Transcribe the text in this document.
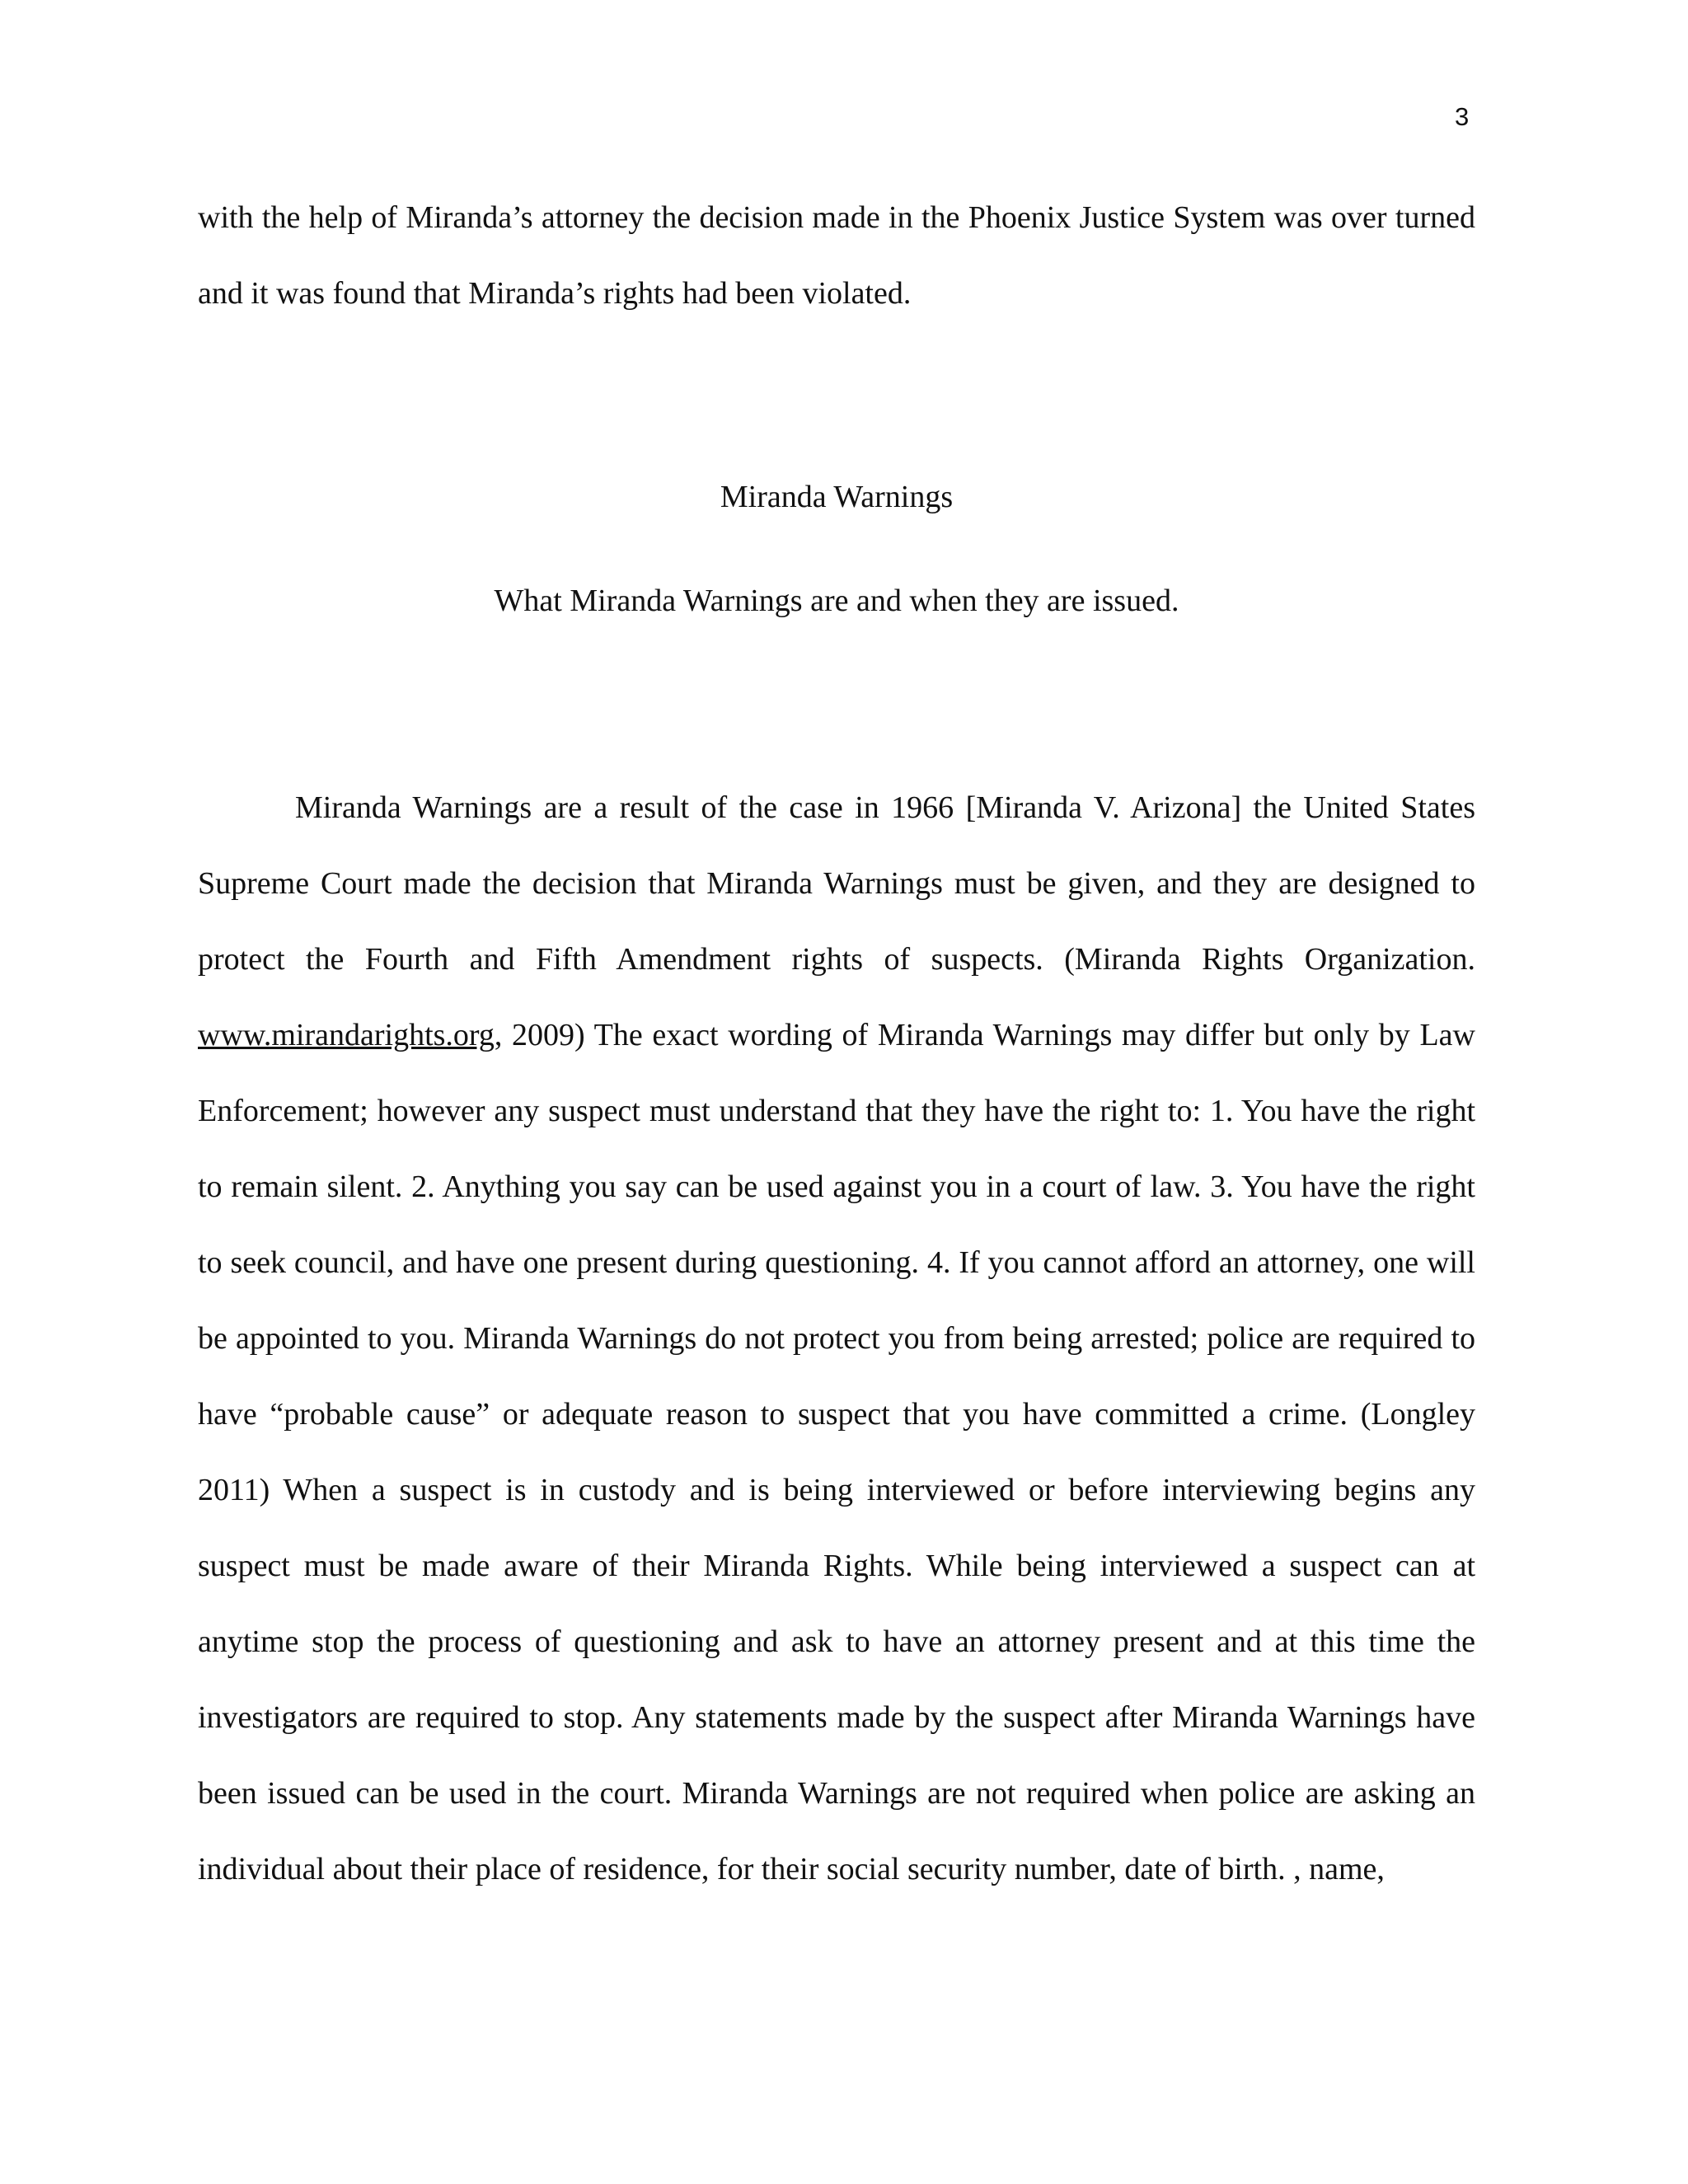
3

with the help of Miranda’s attorney the decision made in the Phoenix Justice System was over turned and it was found that Miranda’s rights had been violated.

Miranda Warnings
What Miranda Warnings are and when they are issued.

Miranda Warnings are a result of the case in 1966 [Miranda V. Arizona] the United States Supreme Court made the decision that Miranda Warnings must be given, and they are designed to protect the Fourth and Fifth Amendment rights of suspects. (Miranda Rights Organization. www.mirandarights.org, 2009) The exact wording of Miranda Warnings may differ but only by Law Enforcement; however any suspect must understand that they have the right to: 1. You have the right to remain silent. 2. Anything you say can be used against you in a court of law. 3. You have the right to seek council, and have one present during questioning. 4. If you cannot afford an attorney, one will be appointed to you. Miranda Warnings do not protect you from being arrested; police are required to have “probable cause” or adequate reason to suspect that you have committed a crime. (Longley 2011) When a suspect is in custody and is being interviewed or before interviewing begins any suspect must be made aware of their Miranda Rights. While being interviewed a suspect can at anytime stop the process of questioning and ask to have an attorney present and at this time the investigators are required to stop. Any statements made by the suspect after Miranda Warnings have been issued can be used in the court. Miranda Warnings are not required when police are asking an individual about their place of residence, for their social security number, date of birth. , name,
